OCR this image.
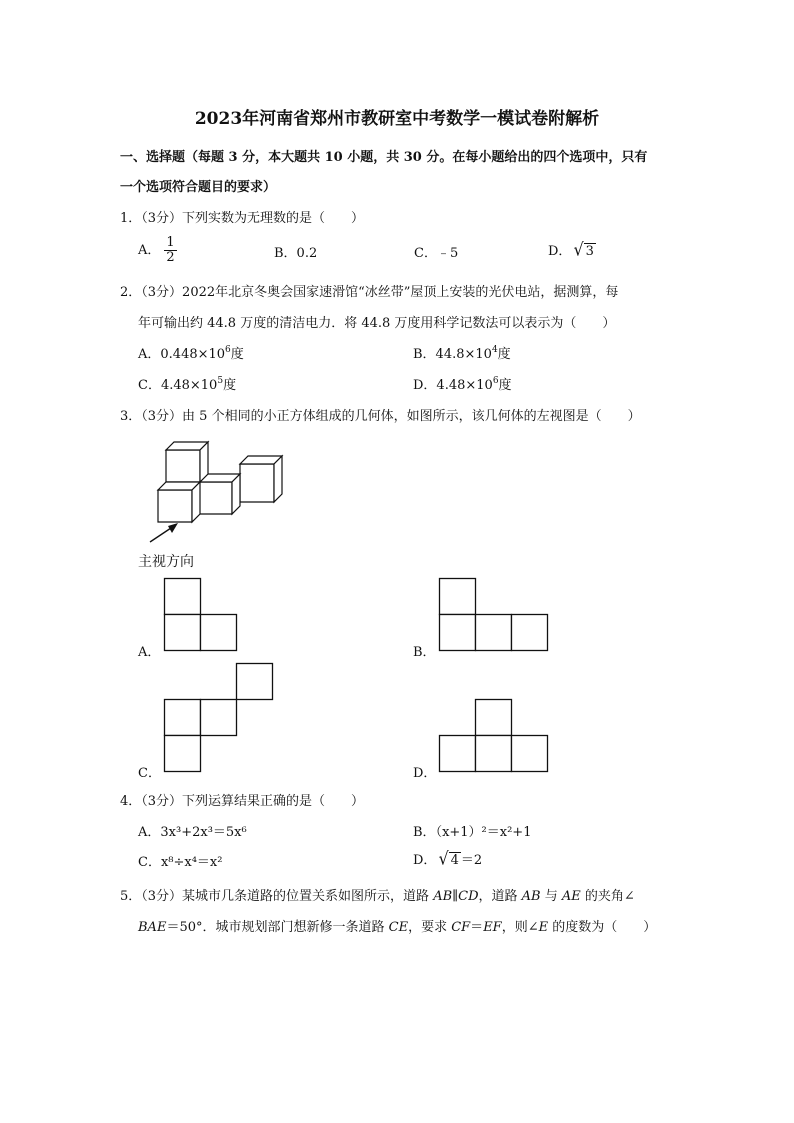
2023年河南省郑州市教研室中考数学一模试卷附解析
一、选择题（每题 3 分，本大题共 10 小题，共 30 分。在每小题给出的四个选项中，只有
一个选项符合题目的要求）
1．（3分）下列实数为无理数的是（　　）
A． $\frac{1}{2}$	B．0.2	C．﹣5	D． √ 3
2．（3分）2022年北京冬奥会国家速滑馆“冰丝带”屋顶上安装的光伏电站，据测算，每
年可输出约 44.8 万度的清洁电力．将 44.8 万度用科学记数法可以表示为（　　）
A．$0.448\times 10^6$度	B．$44.8\times 10^4$度
C．$4.48\times 10^5$度	D．$4.48\times 10^6$度
3．（3分）由 5 个相同的小正方体组成的几何体，如图所示，该几何体的左视图是（　　）
主视方向
A．	B．
C．	D．
4．（3分）下列运算结果正确的是（　　）
A．3x³+2x³＝5x⁶	B．（x+1）²＝x²+1
C．x⁸÷x⁴＝x²	D． √ 4 ＝2
5．（3分）某城市几条道路的位置关系如图所示，道路 AB∥CD，道路 AB 与 AE 的夹角∠
BAE＝50°．城市规划部门想新修一条道路 CE，要求 CF＝EF，则∠E 的度数为（　　）
